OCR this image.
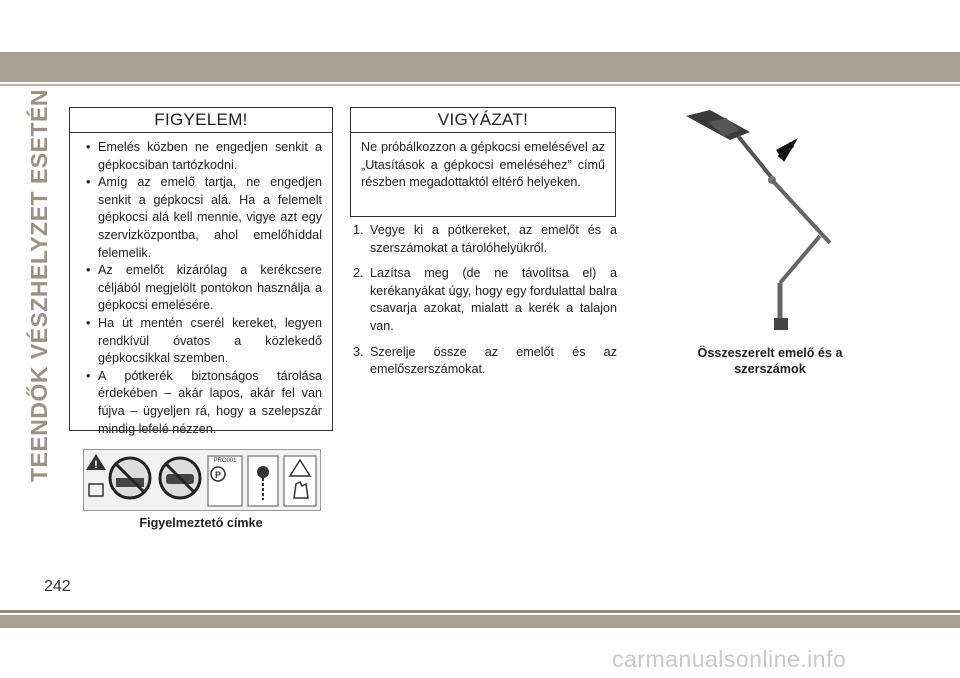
TEENDŐK VÉSZHELYZET ESETÉN	FIGYELEM!
• Emelés közben ne engedjen senkit a gépkocsiban tartózkodni.
• Amíg az emelő tartja, ne engedjen senkit a gépkocsi alá. Ha a felemelt gépkocsi alá kell mennie, vigye azt egy szervizközpontba, ahol emelőhíddal felemelik.
• Az emelőt kizárólag a kerékcsere céljából megjelölt pontokon használja a gépkocsi emelésére.
• Ha út mentén cserél kereket, legyen rendkívül óvatos a közlekedő gépkocsikkal szemben.
• A pótkerék biztonságos tárolása érdekében – akár lapos, akár fel van fújva – ügyeljen rá, hogy a szelepszár mindig lefelé nézzen.
VIGYÁZAT!
Ne próbálkozzon a gépkocsi emelésével az „Utasítások a gépkocsi emeléséhez” című részben megadottaktól eltérő helyeken.
1. Vegye ki a pótkereket, az emelőt és a szerszámokat a tárolóhelyükről.
2. Lazítsa meg (de ne távolítsa el) a kerékanyákat úgy, hogy egy fordulattal balra csavarja azokat, mialatt a kerék a talajon van.
3. Szerelje össze az emelőt és az emelőszerszámokat.
!	PRO001
P
Figyelmeztető címke
Összeszerelt emelő és a
szerszámok
242
carmanualsonline.info
